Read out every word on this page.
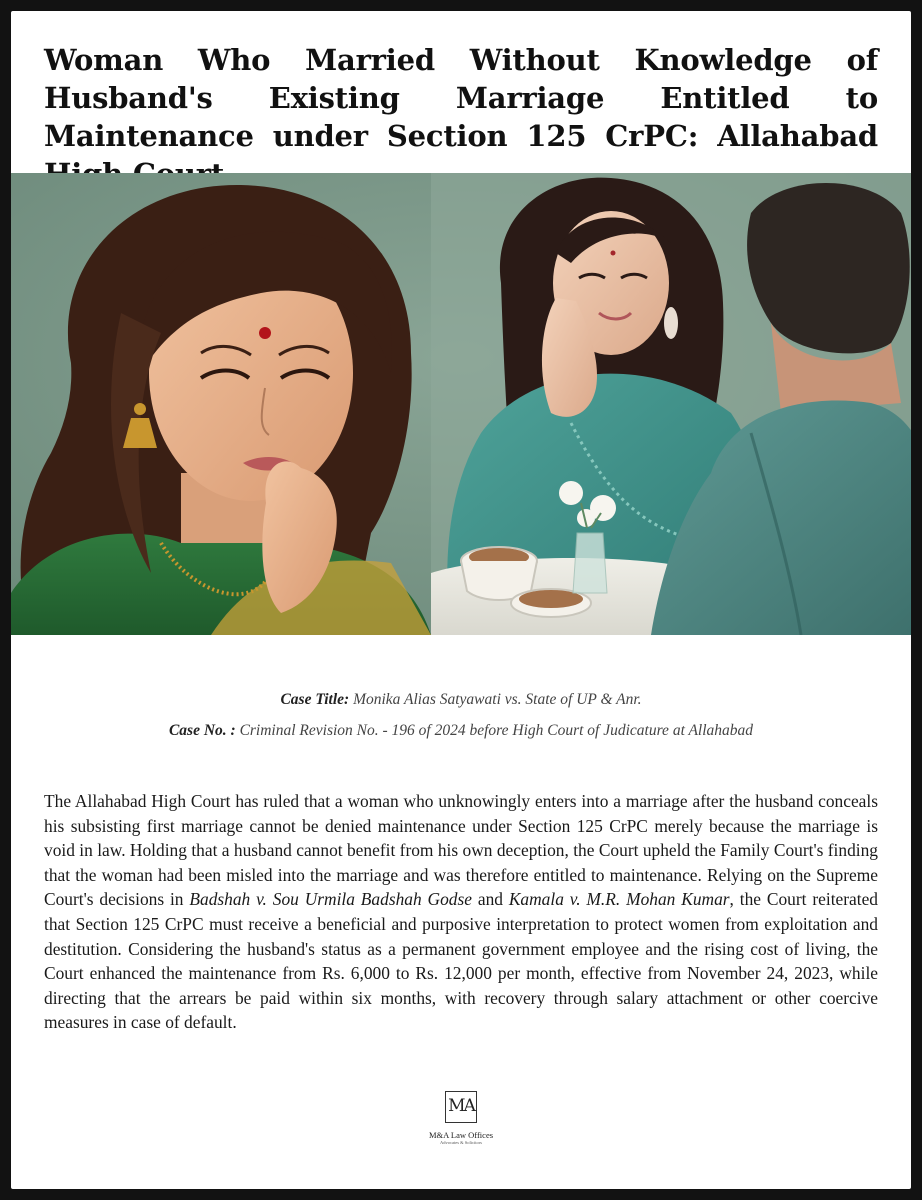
Woman Who Married Without Knowledge of Husband's Existing Marriage Entitled to Maintenance under Section 125 CrPC: Allahabad

Case Title: Monika Alias Satyawati vs. State of UP & Anr.

Case No. : Criminal Revision No. - 196 of 2024 before High Court of Judicature at Allahabad

The Allahabad High Court has ruled that a woman who unknowingly enters into a marriage after the husband conceals his subsisting first marriage cannot be denied maintenance under Section 125 CrPC merely because the marriage is void in law. Holding that a husband cannot benefit from his own deception, the Court upheld the Family Court's finding that the woman had been misled into the marriage and was therefore entitled to maintenance. Relying on the Supreme Court's decisions in Badshah v. Sou Urmila Badshah Godse and Kamala v. M.R. Mohan Kumar, the Court reiterated that Section 125 CrPC must receive a beneficial and purposive interpretation to protect women from exploitation and destitution. Considering the husband's status as a permanent government employee and the rising cost of living, the Court enhanced the maintenance from Rs. 6,000 to Rs. 12,000 per month, effective from November 24, 2023, while directing that the arrears be paid within six months, with recovery through salary attachment or other coercive measures in case of default.

MA
M&A Law Offices
Advocates & Solicitors
